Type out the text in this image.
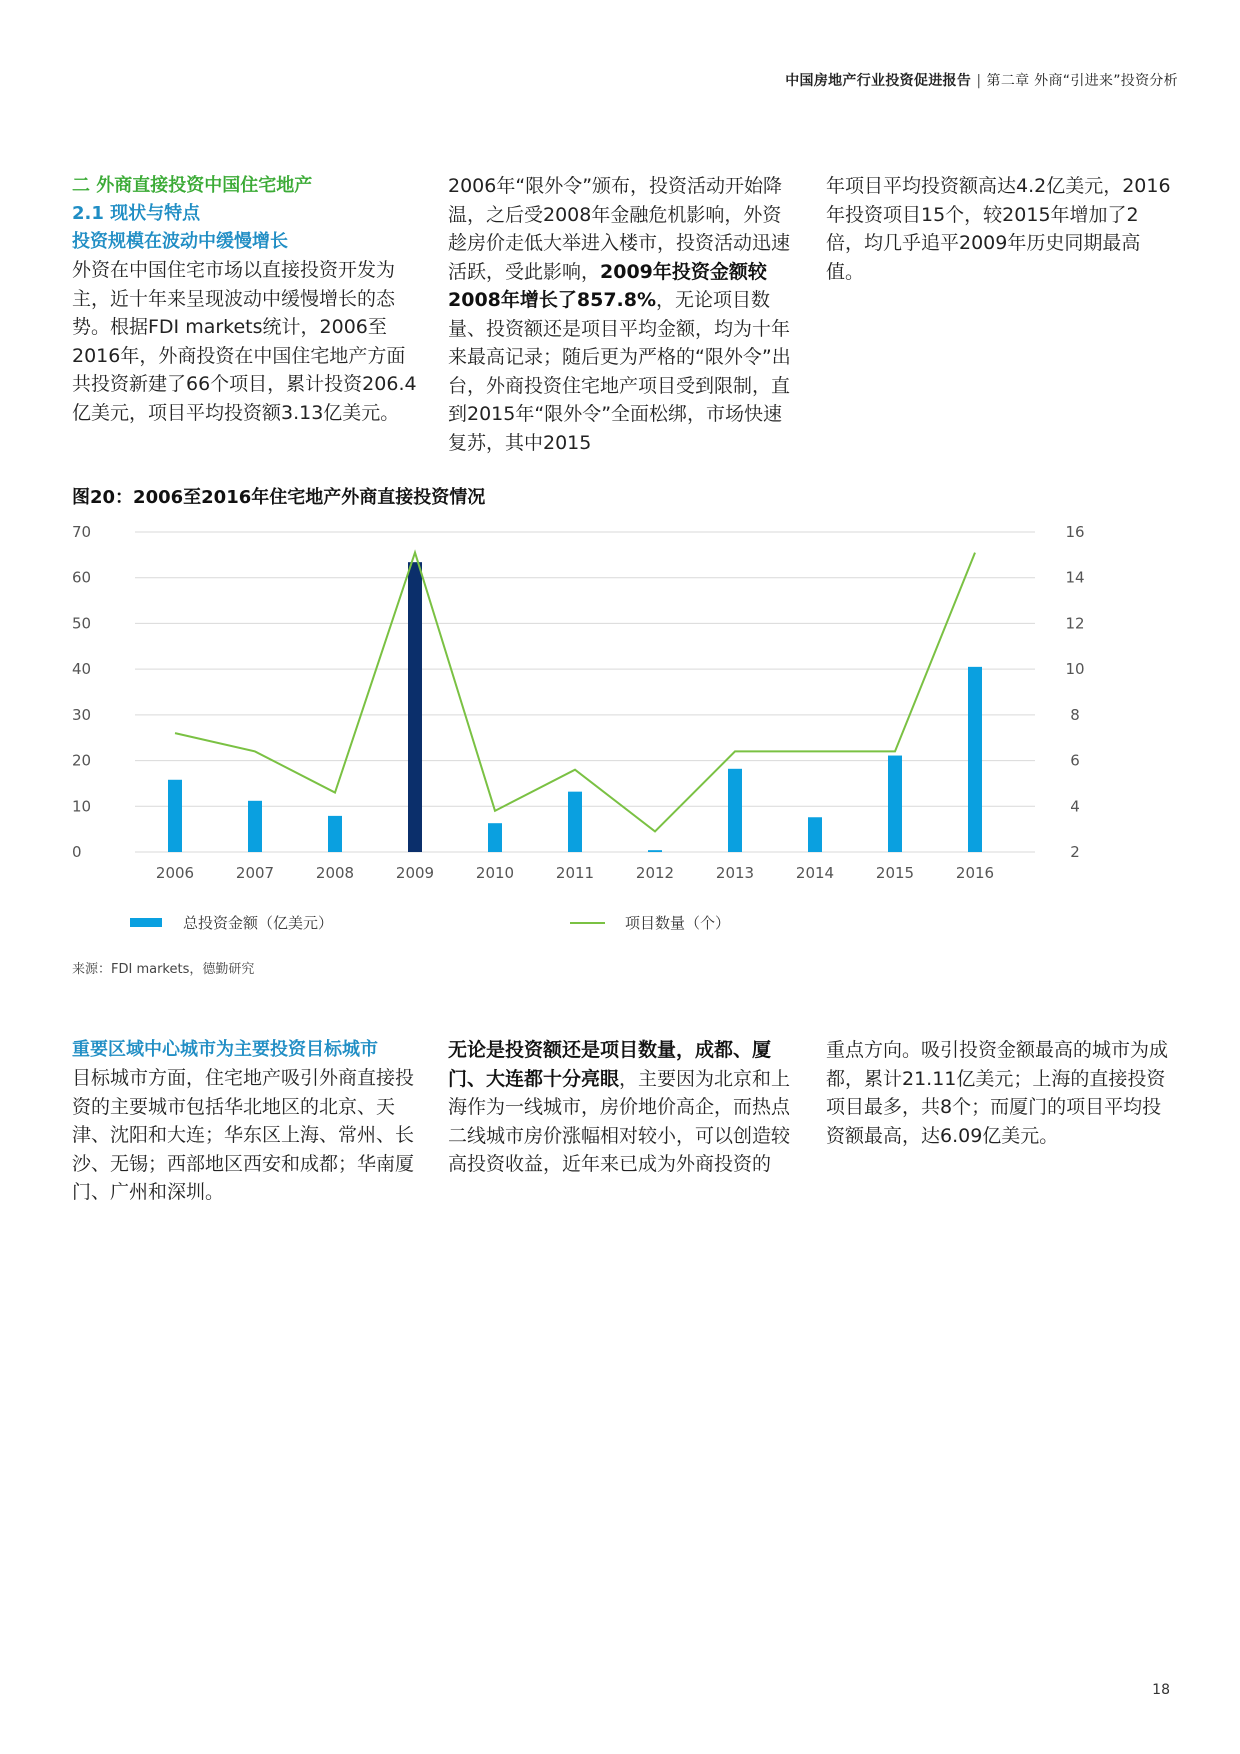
中国房地产行业投资促进报告 | 第二章 外商“引进来”投资分析
二 外商直接投资中国住宅地产
2.1 现状与特点
投资规模在波动中缓慢增长

外资在中国住宅市场以直接投资开发为主，近十年来呈现波动中缓慢增长的态势。根据FDI markets统计，2006至2016年，外商投资在中国住宅地产方面共投资新建了66个项目，累计投资206.4亿美元，项目平均投资额3.13亿美元。

2006年“限外令”颁布，投资活动开始降温，之后受2008年金融危机影响，外资趁房价走低大举进入楼市，投资活动迅速活跃，受此影响，2009年投资金额较2008年增长了857.8%，无论项目数量、投资额还是项目平均金额，均为十年来最高记录；随后更为严格的“限外令”出台，外商投资住宅地产项目受到限制，直到2015年“限外令”全面松绑，市场快速复苏，其中2015

年项目平均投资额高达4.2亿美元，2016年投资项目15个，较2015年增加了2倍，均几乎追平2009年历史同期最高值。

图20：2006至2016年住宅地产外商直接投资情况
0
10
20
30
40
50
60
70
2
4
6
8
10
12
14
16
2006	2007	2008	2009	2010	2011	2012	2013	2014	2015	2016
总投资金额（亿美元）	项目数量（个）
来源：FDI markets，德勤研究
重要区域中心城市为主要投资目标城市

目标城市方面，住宅地产吸引外商直接投资的主要城市包括华北地区的北京、天津、沈阳和大连；华东区上海、常州、长沙、无锡；西部地区西安和成都；华南厦门、广州和深圳。

无论是投资额还是项目数量，成都、厦门、大连都十分亮眼，主要因为北京和上海作为一线城市，房价地价高企，而热点二线城市房价涨幅相对较小，可以创造较高投资收益，近年来已成为外商投资的

重点方向。吸引投资金额最高的城市为成都，累计21.11亿美元；上海的直接投资项目最多，共8个；而厦门的项目平均投资额最高，达6.09亿美元。

18
